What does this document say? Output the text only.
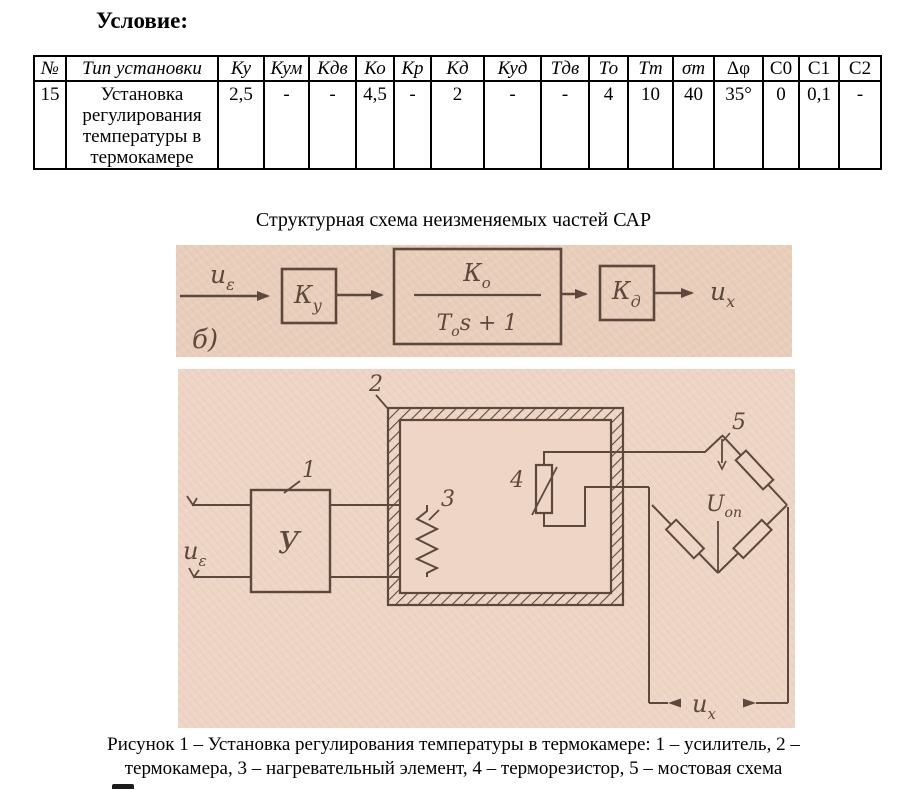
Условие:
№	Тип установки	Ку	Кум	Кдв	Ко	Кр	Кд	Куд	Тдв	То	Тт	σт	Δφ	С0	С1	С2
15	Установка регулирования температуры в термокамере	2,5	-	-	4,5	-	2	-	-	4	10	40	35°	0	0,1	-
Структурная схема неизменяемых частей САР
$u_\varepsilon$ $К_у$
$К_о$
$Т_оs + 1$
$К_д$	$u_х$
б)
$u_\varepsilon$ У
1
2
3
4
$U_{оп}$
5
$u_х$
Рисунок 1 – Установка регулирования температуры в термокамере: 1 – усилитель, 2 –
термокамера, 3 – нагревательный элемент, 4 – терморезистор, 5 – мостовая схема
